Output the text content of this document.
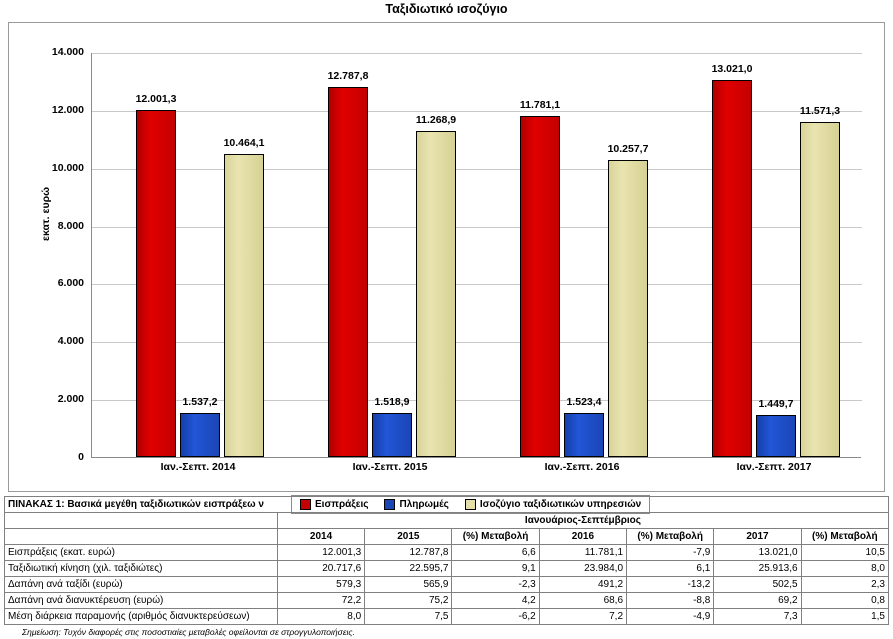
Ταξιδιωτικό ισοζύγιο
εκατ. ευρώ
14.000
12.000
10.000
8.000
6.000
4.000
2.000
0
12.001,3
1.537,2
10.464,1
Ιαν.-Σεπτ. 2014
12.787,8
1.518,9
11.268,9
Ιαν.-Σεπτ. 2015
11.781,1
1.523,4
10.257,7
Ιαν.-Σεπτ. 2016
13.021,0
1.449,7
11.571,3
Ιαν.-Σεπτ. 2017
Εισπράξεις	Πληρωμές	Ισοζύγιο ταξιδιωτικών υπηρεσιών
ΠΙΝΑΚΑΣ 1: Βασικά μεγέθη ταξιδιωτικών εισπράξεω ν							
	Ιανουάριος-Σεπτέμβριος						
	2014	2015	(%) Μεταβολή	2016	(%) Μεταβολή	2017	(%) Μεταβολή
Εισπράξεις (εκατ. ευρώ)	12.001,3	12.787,8	6,6	11.781,1	-7,9	13.021,0	10,5
Ταξιδιωτική κίνηση (χιλ. ταξιδιώτες)	20.717,6	22.595,7	9,1	23.984,0	6,1	25.913,6	8,0
Δαπάνη ανά ταξίδι (ευρώ)	579,3	565,9	-2,3	491,2	-13,2	502,5	2,3
Δαπάνη ανά διανυκτέρευση (ευρώ)	72,2	75,2	4,2	68,6	-8,8	69,2	0,8
Μέση διάρκεια παραμονής (αριθμός διανυκτερεύσεων)	8,0	7,5	-6,2	7,2	-4,9	7,3	1,5
Σημείωση: Τυχόν διαφορές στις ποσοστιαίες μεταβολές οφείλονται σε στρογγυλοποιήσεις.
